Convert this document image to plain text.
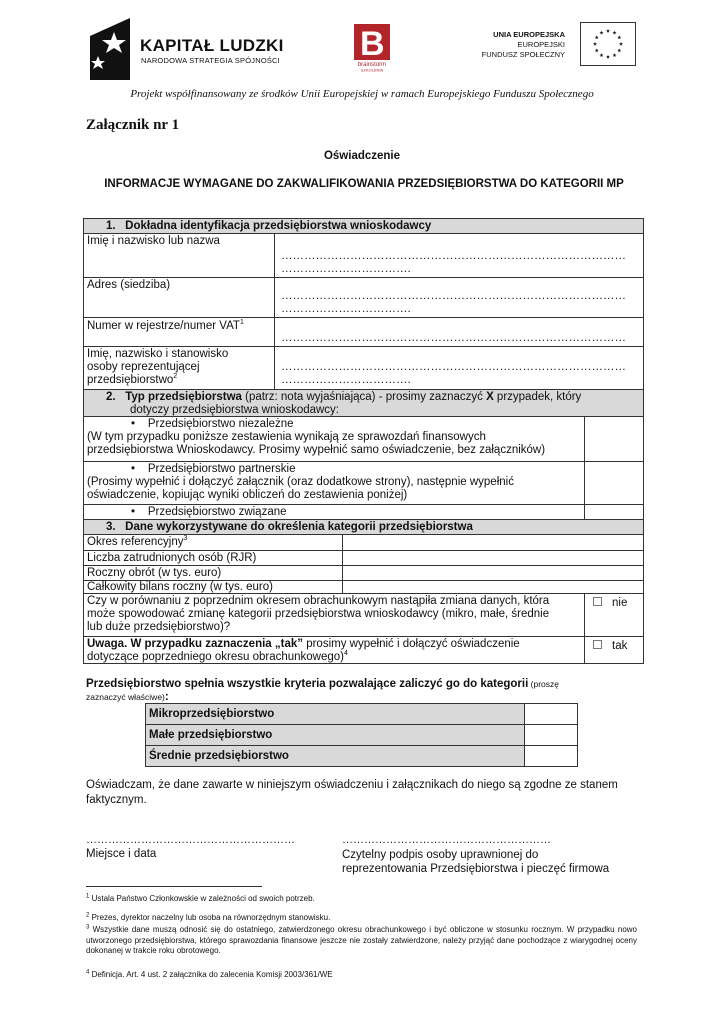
KAPITAŁ LUDZKI
NARODOWA STRATEGIA SPÓJNOŚCI B
brainstorm
SZKOLENIA
UNIA EUROPEJSKA
EUROPEJSKI
FUNDUSZ SPOŁECZNY
Projekt współfinansowany ze środków Unii Europejskiej w ramach Europejskiego Funduszu Społecznego
Załącznik nr 1
Oświadczenie
INFORMACJE WYMAGANE DO ZAKWALIFIKOWANIA PRZEDSIĘBIORSTWA DO KATEGORII MP
1.   Dokładna identyfikacja przedsiębiorstwa wnioskodawcy
Imię i nazwisko lub nazwa
………………………………………………………………………………
…………………………….
Adres (siedziba)
………………………………………………………………………………
…………………………….
Numer w rejestrze/numer VAT$^1$
………………………………………………………………………………
Imię, nazwisko i stanowisko
osoby reprezentującej
przedsiębiorstwo$^2$
………………………………………………………………………………
…………………………….
2.   Typ przedsiębiorstwa (patrz: nota wyjaśniająca) - prosimy zaznaczyć X przypadek, który
dotyczy przedsiębiorstwa wnioskodawcy:
• Przedsiębiorstwo niezależne
(W tym przypadku poniższe zestawienia wynikają ze sprawozdań finansowych
przedsiębiorstwa Wnioskodawcy. Prosimy wypełnić samo oświadczenie, bez załączników)
• Przedsiębiorstwo partnerskie
(Prosimy wypełnić i dołączyć załącznik (oraz dodatkowe strony), następnie wypełnić
oświadczenie, kopiując wyniki obliczeń do zestawienia poniżej)
• Przedsiębiorstwo związane
3.   Dane wykorzystywane do określenia kategorii przedsiębiorstwa
Okres referencyjny$^3$
Liczba zatrudnionych osób (RJR)
Roczny obrót (w tys. euro)
Całkowity bilans roczny (w tys. euro)
Czy w porównaniu z poprzednim okresem obrachunkowym nastąpiła zmiana danych, która
może spowodować zmianę kategorii przedsiębiorstwa wnioskodawcy (mikro, małe, średnie
lub duże przedsiębiorstwo)?
nie
Uwaga. W przypadku zaznaczenia „tak” prosimy wypełnić i dołączyć oświadczenie
dotyczące poprzedniego okresu obrachunkowego)$^4$
tak
Przedsiębiorstwo spełnia wszystkie kryteria pozwalające zaliczyć go do kategorii (proszę
zaznaczyć właściwe):
Mikroprzedsiębiorstwo
Małe przedsiębiorstwo
Średnie przedsiębiorstwo
Oświadczam, że dane zawarte w niniejszym oświadczeniu i załącznikach do niego są zgodne ze stanem faktycznym.
…………………………………………………	…………………………………………………
Miejsce i data	Czytelny podpis osoby uprawnionej do
reprezentowania Przedsiębiorstwa i pieczęć firmowa
$^1$ Ustala Państwo Członkowskie w zależności od swoich potrzeb.
$^2$ Prezes, dyrektor naczelny lub osoba na równorzędnym stanowisku.
$^3$ Wszystkie dane muszą odnosić się do ostatniego, zatwierdzonego okresu obrachunkowego i być obliczone w stosunku rocznym. W przypadku nowo utworzonego przedsiębiorstwa, którego sprawozdania finansowe jeszcze nie zostały zatwierdzone, należy przyjąć dane pochodzące z wiarygodnej oceny dokonanej w trakcie roku obrotowego.
$^4$ Definicja. Art. 4 ust. 2 załącznika do zalecenia Komisji 2003/361/WE
